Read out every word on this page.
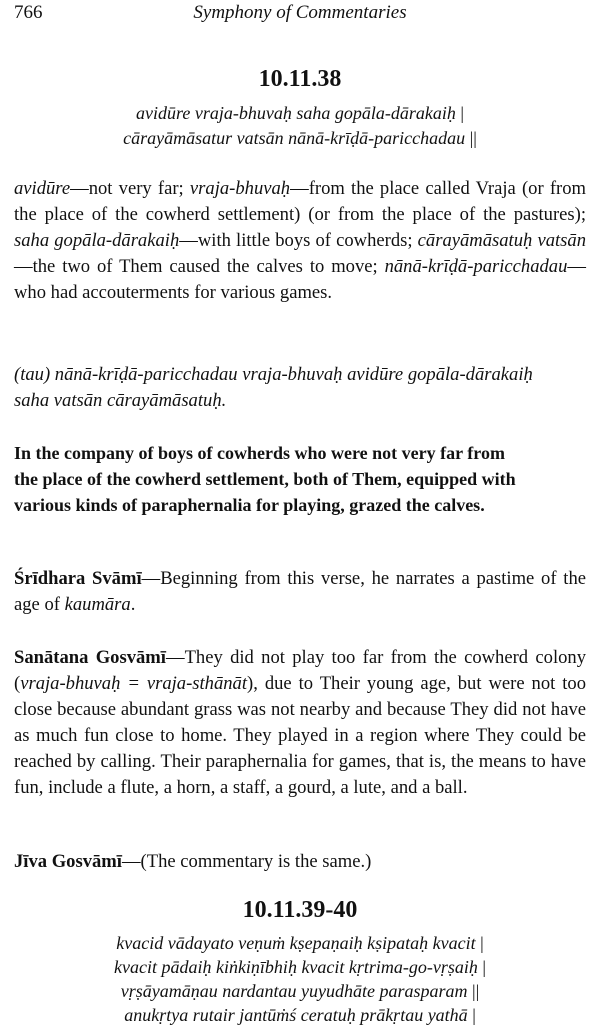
766	Symphony of Commentaries
10.11.38
avidūre vraja-bhuvaḥ saha gopāla-dārakaiḥ |
cārayāmāsatur vatsān nānā-krīḍā-paricchadau ||
avidūre—not very far; vraja-bhuvaḥ—from the place called Vraja (or from the place of the cowherd settlement) (or from the place of the pastures); saha gopāla-dārakaiḥ—with little boys of cowherds; cārayāmāsatuḥ vatsān—the two of Them caused the calves to move; nānā-krīḍā-paricchadau—who had accouterments for various games.
(tau) nānā-krīḍā-paricchadau vraja-bhuvaḥ avidūre gopāla-dārakaiḥ
saha vatsān cārayāmāsatuḥ.
In the company of boys of cowherds who were not very far from
the place of the cowherd settlement, both of Them, equipped with
various kinds of paraphernalia for playing, grazed the calves.
Śrīdhara Svāmī—Beginning from this verse, he narrates a pastime of the age of kaumāra.
Sanātana Gosvāmī—They did not play too far from the cowherd colony (vraja-bhuvaḥ = vraja-sthānāt), due to Their young age, but were not too close because abundant grass was not nearby and because They did not have as much fun close to home. They played in a region where They could be reached by calling. Their paraphernalia for games, that is, the means to have fun, include a flute, a horn, a staff, a gourd, a lute, and a ball.
Jīva Gosvāmī—(The commentary is the same.)
10.11.39-40
kvacid vādayato veṇuṁ kṣepaṇaiḥ kṣipataḥ kvacit |
kvacit pādaiḥ kiṅkiṇībhiḥ kvacit kṛtrima-go-vṛṣaiḥ |
vṛṣāyamāṇau nardantau yuyudhāte parasparam ||
anukṛtya rutair jantūṁś ceratuḥ prākṛtau yathā |
